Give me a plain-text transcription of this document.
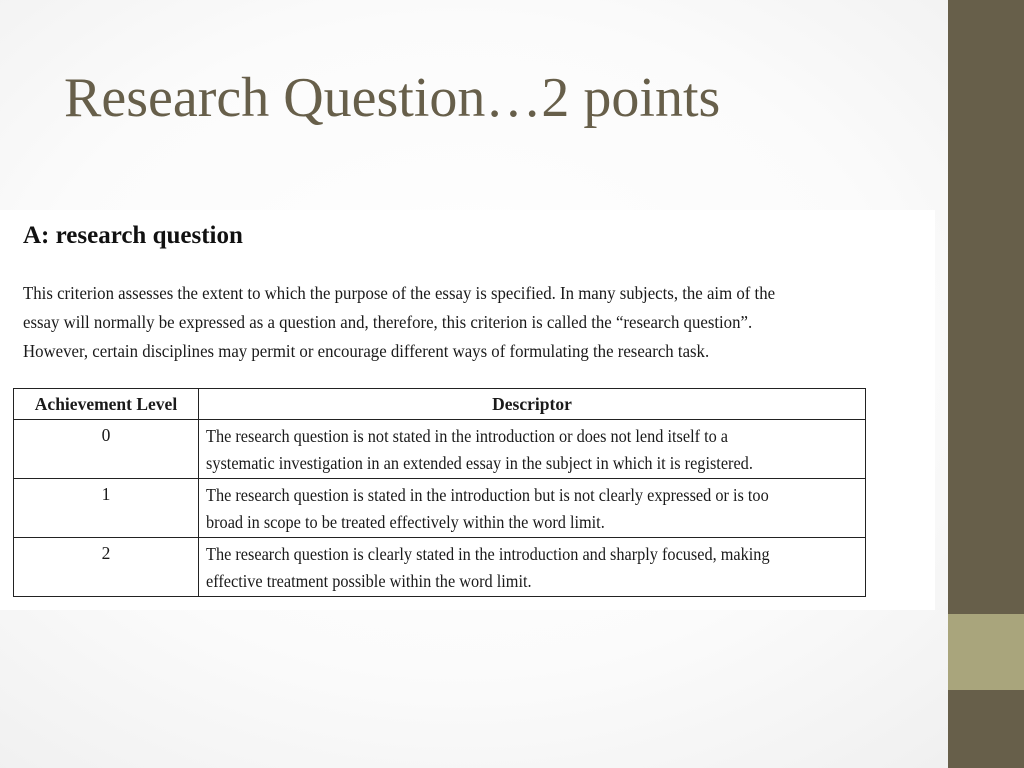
Research Question…2 points
A: research question

This criterion assesses the extent to which the purpose of the essay is specified. In many subjects, the aim of the
essay will normally be expressed as a question and, therefore, this criterion is called the “research question”.
However, certain disciplines may permit or encourage different ways of formulating the research task.

Achievement Level	Descriptor
0	The research question is not stated in the introduction or does not lend itself to a
systematic investigation in an extended essay in the subject in which it is registered.

1	The research question is stated in the introduction but is not clearly expressed or is too
broad in scope to be treated effectively within the word limit.

2	The research question is clearly stated in the introduction and sharply focused, making
effective treatment possible within the word limit.
